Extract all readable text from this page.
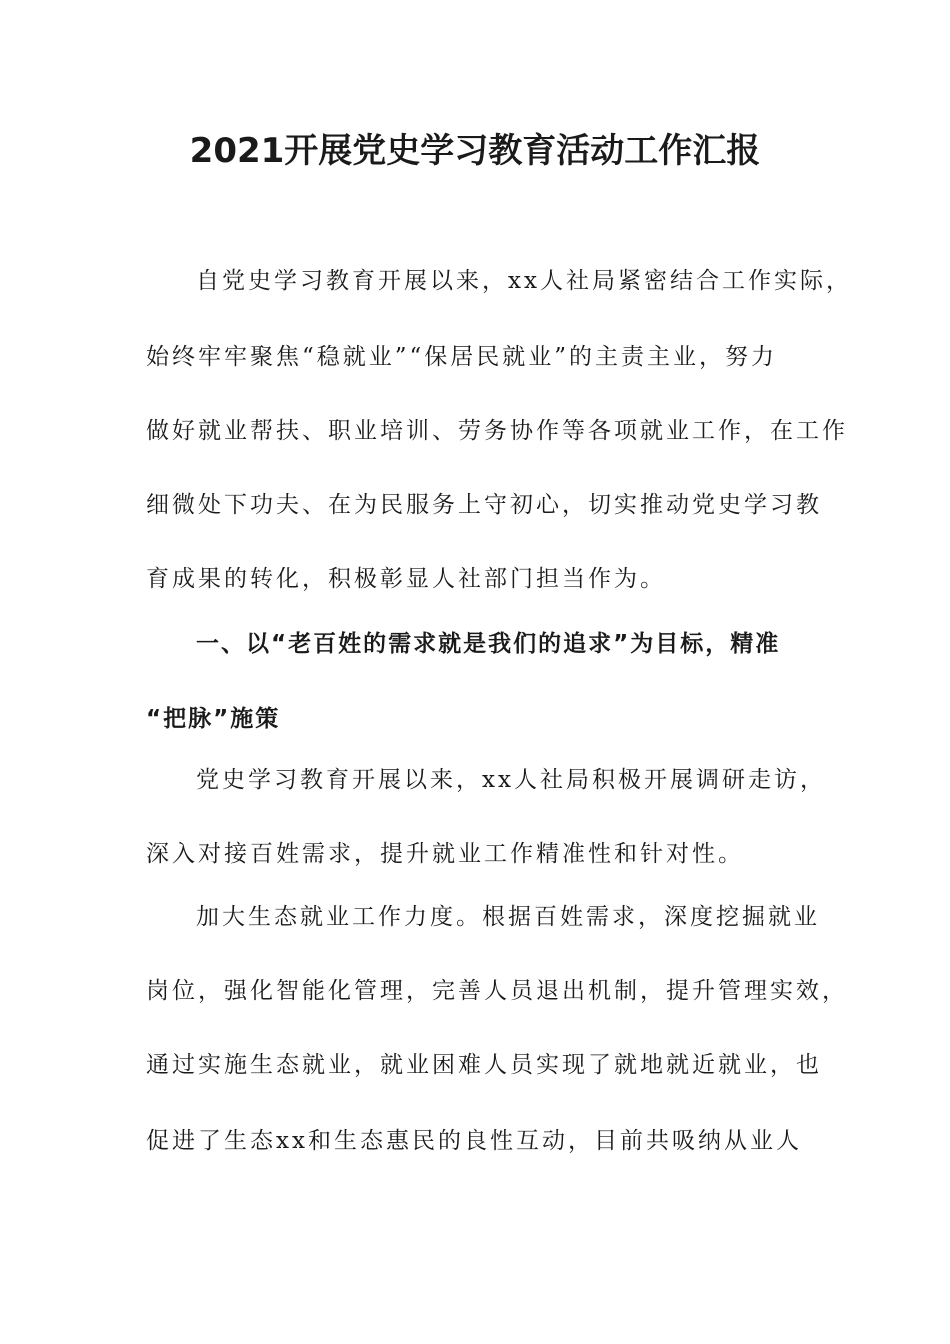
2021开展党史学习教育活动工作汇报

自党史学习教育开展以来，xx人社局紧密结合工作实际，

始终牢牢聚焦“稳就业”“保居民就业”的主责主业，努力

做好就业帮扶、职业培训、劳务协作等各项就业工作，在工作

细微处下功夫、在为民服务上守初心，切实推动党史学习教

育成果的转化，积极彰显人社部门担当作为。

一、以“老百姓的需求就是我们的追求”为目标，精准

“把脉”施策

党史学习教育开展以来，xx人社局积极开展调研走访，

深入对接百姓需求，提升就业工作精准性和针对性。

加大生态就业工作力度。根据百姓需求，深度挖掘就业

岗位，强化智能化管理，完善人员退出机制，提升管理实效，

通过实施生态就业，就业困难人员实现了就地就近就业，也

促进了生态xx和生态惠民的良性互动，目前共吸纳从业人
